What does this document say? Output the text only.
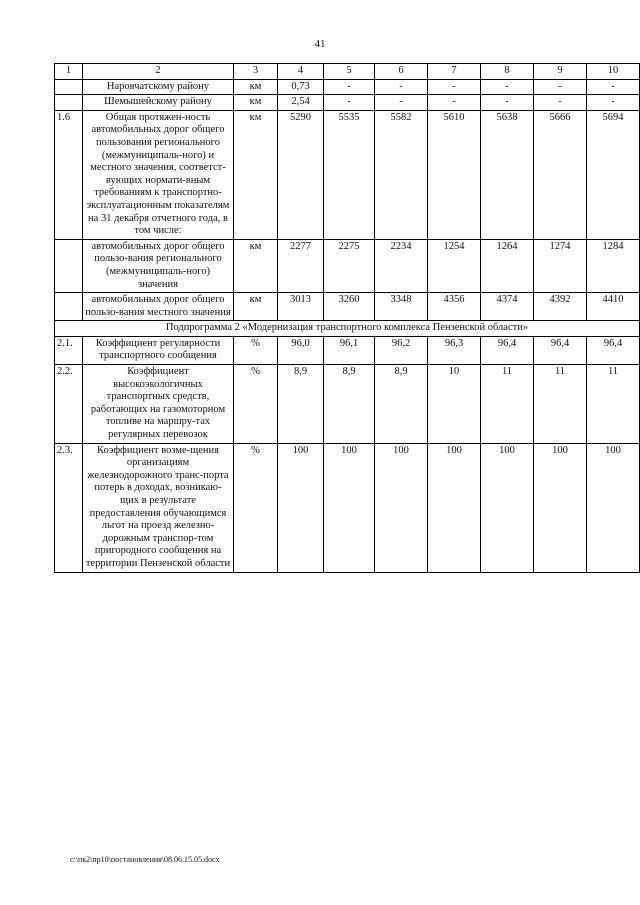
41
1	2	3	4	5	6	7	8	9	10
	Наровчатскому району	км	0,73	-	-	-	-	-	-
	Шемышейскому району	км	2,54	-	-	-	-	-	-
1.6	Общая протяжен-ность автомобильных дорог общего пользования регионального (межмуниципаль-ного) и местного значения, соответст-вующих нормати-вным требованиям к транспортно-эксплуатационным показателям на 31 декабря отчетного года, в том числе:	км	5290	5535	5582	5610	5638	5666	5694
	автомобильных дорог общего пользо-вания регионального (межмуниципаль-ного) значения	км	2277	2275	2234	1254	1264	1274	1284
	автомобильных дорог общего пользо-вания местного значения	км	3013	3260	3348	4356	4374	4392	4410
Подпрограмма 2 «Модернизация транспортного комплекса Пензенской области»									
2.1.	Коэффициент регулярности транспортного сообщения	%	96,0	96,1	96,2	96,3	96,4	96,4	96,4
2.2.	Коэффициент высокоэкологичных транспортных средств, работающих на газомоторном топливе на маршру-тах регулярных перевозок	%	8,9	8,9	8,9	10	11	11	11
2.3.	Коэффициент возме-щения организациям железнодорожного транс-порта потерь в доходах, возникаю-щих в результате предоставления обучающимся льгот на проезд железно-дорожным транспор-том пригородного сообщения на территории Пензенской области	%	100	100	100	100	100	100	100
c:\пк2\пр10\постановления\08.06.15.05.docx
